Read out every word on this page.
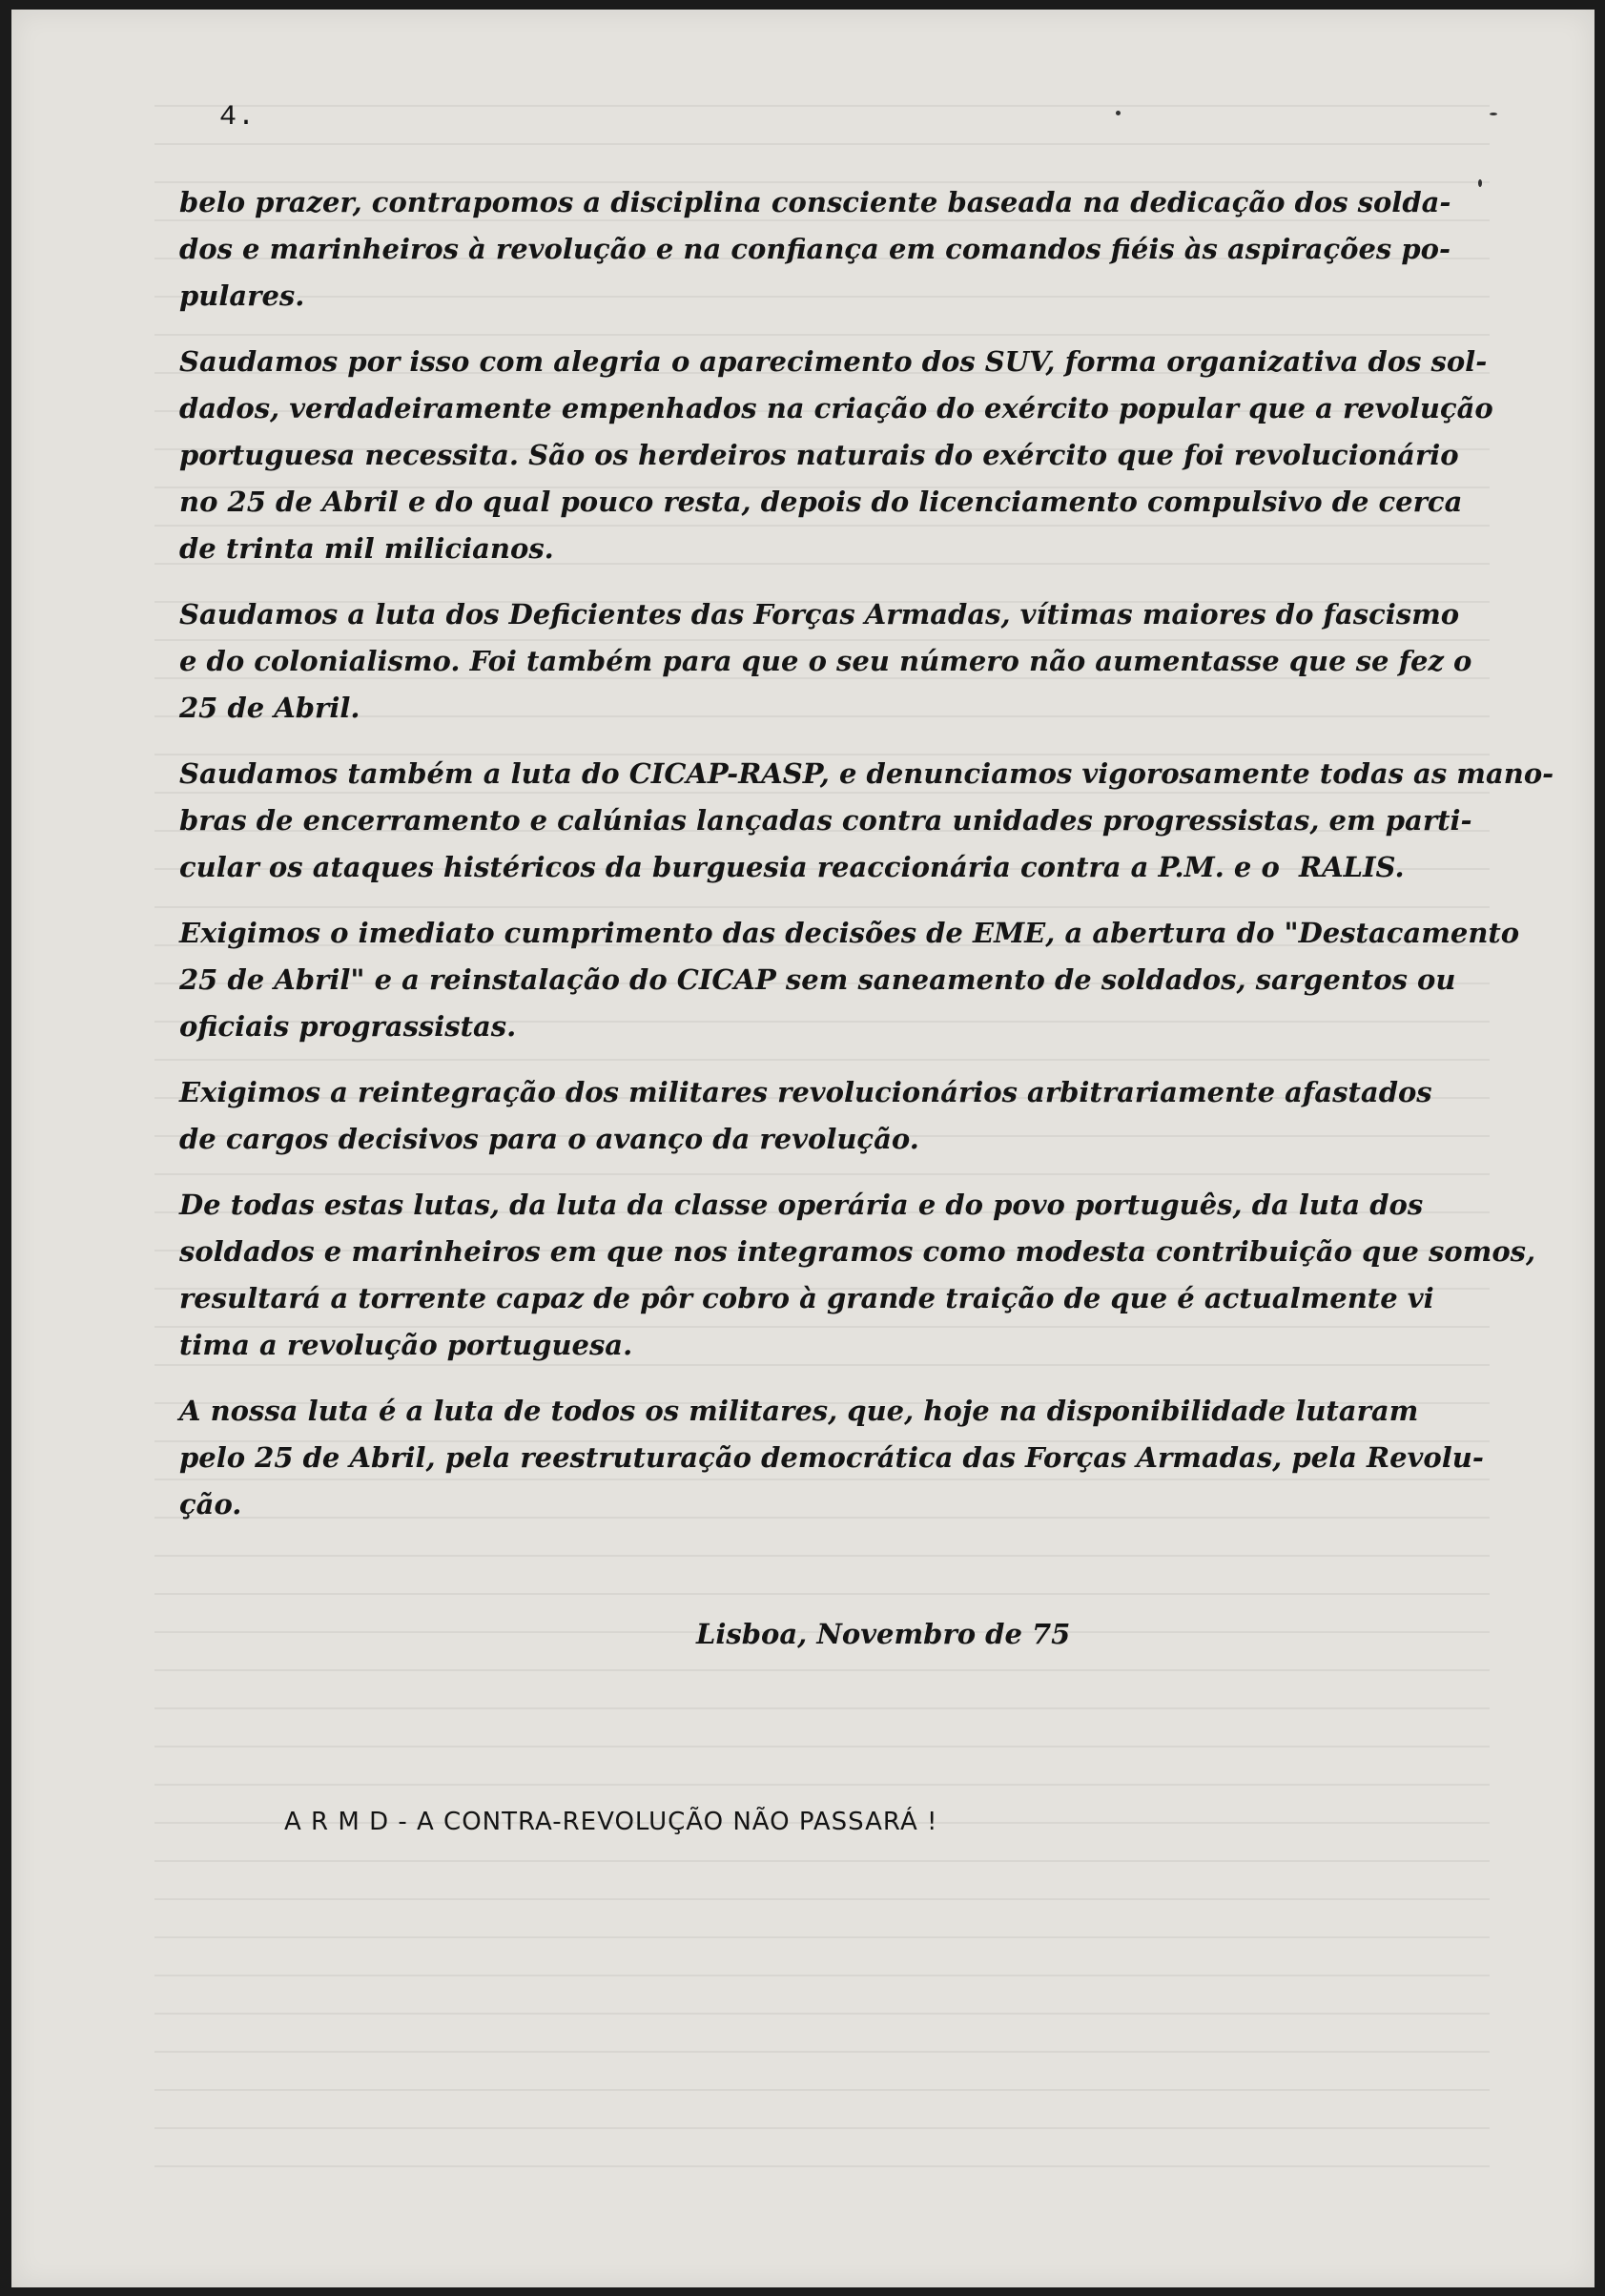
4.
belo prazer, contrapomos a disciplina consciente baseada na dedicação dos solda-
dos e marinheiros à revolução e na confiança em comandos fiéis às aspirações po-
pulares.
Saudamos por isso com alegria o aparecimento dos SUV, forma organizativa dos sol-
dados, verdadeiramente empenhados na criação do exército popular que a revolução
portuguesa necessita. São os herdeiros naturais do exército que foi revolucionário
no 25 de Abril e do qual pouco resta, depois do licenciamento compulsivo de cerca
de trinta mil milicianos.
Saudamos a luta dos Deficientes das Forças Armadas, vítimas maiores do fascismo
e do colonialismo. Foi também para que o seu número não aumentasse que se fez o
25 de Abril.
Saudamos também a luta do CICAP-RASP, e denunciamos vigorosamente todas as mano-
bras de encerramento e calúnias lançadas contra unidades progressistas, em parti-
cular os ataques histéricos da burguesia reaccionária contra a P.M. e o  RALIS.
Exigimos o imediato cumprimento das decisões de EME, a abertura do "Destacamento
25 de Abril" e a reinstalação do CICAP sem saneamento de soldados, sargentos ou
oficiais prograssistas.
Exigimos a reintegração dos militares revolucionários arbitrariamente afastados
de cargos decisivos para o avanço da revolução.
De todas estas lutas, da luta da classe operária e do povo português, da luta dos
soldados e marinheiros em que nos integramos como modesta contribuição que somos,
resultará a torrente capaz de pôr cobro à grande traição de que é actualmente vi
tima a revolução portuguesa.
A nossa luta é a luta de todos os militares, que, hoje na disponibilidade lutaram
pelo 25 de Abril, pela reestruturação democrática das Forças Armadas, pela Revolu-
ção.
Lisboa, Novembro de 75
A R M D - A CONTRA-REVOLUÇÃO NÃO PASSARÁ !
